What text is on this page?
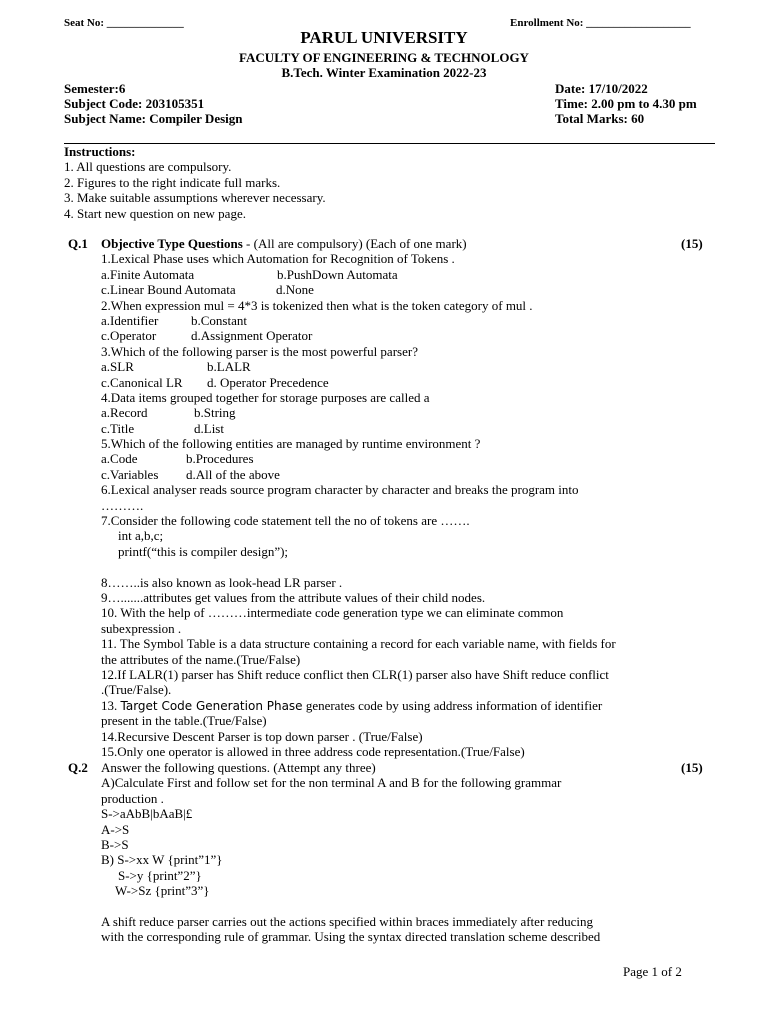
Seat No: ______________	Enrollment No: ___________________
PARUL UNIVERSITY
FACULTY OF ENGINEERING & TECHNOLOGY
B.Tech. Winter Examination 2022-23
Semester:6
Subject Code: 203105351
Subject Name: Compiler Design
Date: 17/10/2022
Time: 2.00 pm to 4.30 pm
Total Marks: 60
Instructions:
1. All questions are compulsory.
2. Figures to the right indicate full marks.
3. Make suitable assumptions wherever necessary.
4. Start new question on new page.
Q.1	(15)
Objective Type Questions - (All are compulsory) (Each of one mark)
1.Lexical Phase uses which Automation for Recognition of Tokens .
a.Finite Automata	b.PushDown Automata
c.Linear Bound Automata	d.None
2.When expression mul = 4*3 is tokenized then what is the token category of mul .
a.Identifier	b.Constant
c.Operator	d.Assignment Operator
3.Which of the following parser is the most powerful parser?
a.SLR	b.LALR
c.Canonical LR d. Operator Precedence
4.Data items grouped together for storage purposes are called a
a.Record	b.String
c.Title	d.List
5.Which of the following entities are managed by runtime environment ?
a.Code	b.Procedures
c.Variables d.All of the above
6.Lexical analyser reads source program character by character and breaks the program into
……….
7.Consider the following code statement tell the no of tokens are …….
int a,b,c;
printf(“this is compiler design”);
8……..is also known as look-head LR parser .
9….......attributes get values from the attribute values of their child nodes.
10. With the help of ………intermediate code generation type we can eliminate common
subexpression .
11. The Symbol Table is a data structure containing a record for each variable name, with fields for
the attributes of the name.(True/False)
12.If LALR(1) parser has Shift reduce conflict then CLR(1) parser also have Shift reduce conflict
.(True/False).
13. Target Code Generation Phase generates code by using address information of identifier
present in the table.(True/False)
14.Recursive Descent Parser is top down parser . (True/False)
15.Only one operator is allowed in three address code representation.(True/False)
Q.2	(15)
Answer the following questions. (Attempt any three)
A)Calculate First and follow set for the non terminal A and B for the following grammar
production .
S->aAbB|bAaB|£
A->S
B->S
B) S->xx W {print”1”}
S->y {print”2”}
W->Sz {print”3”}
A shift reduce parser carries out the actions specified within braces immediately after reducing
with the corresponding rule of grammar. Using the syntax directed translation scheme described
Page 1 of 2
